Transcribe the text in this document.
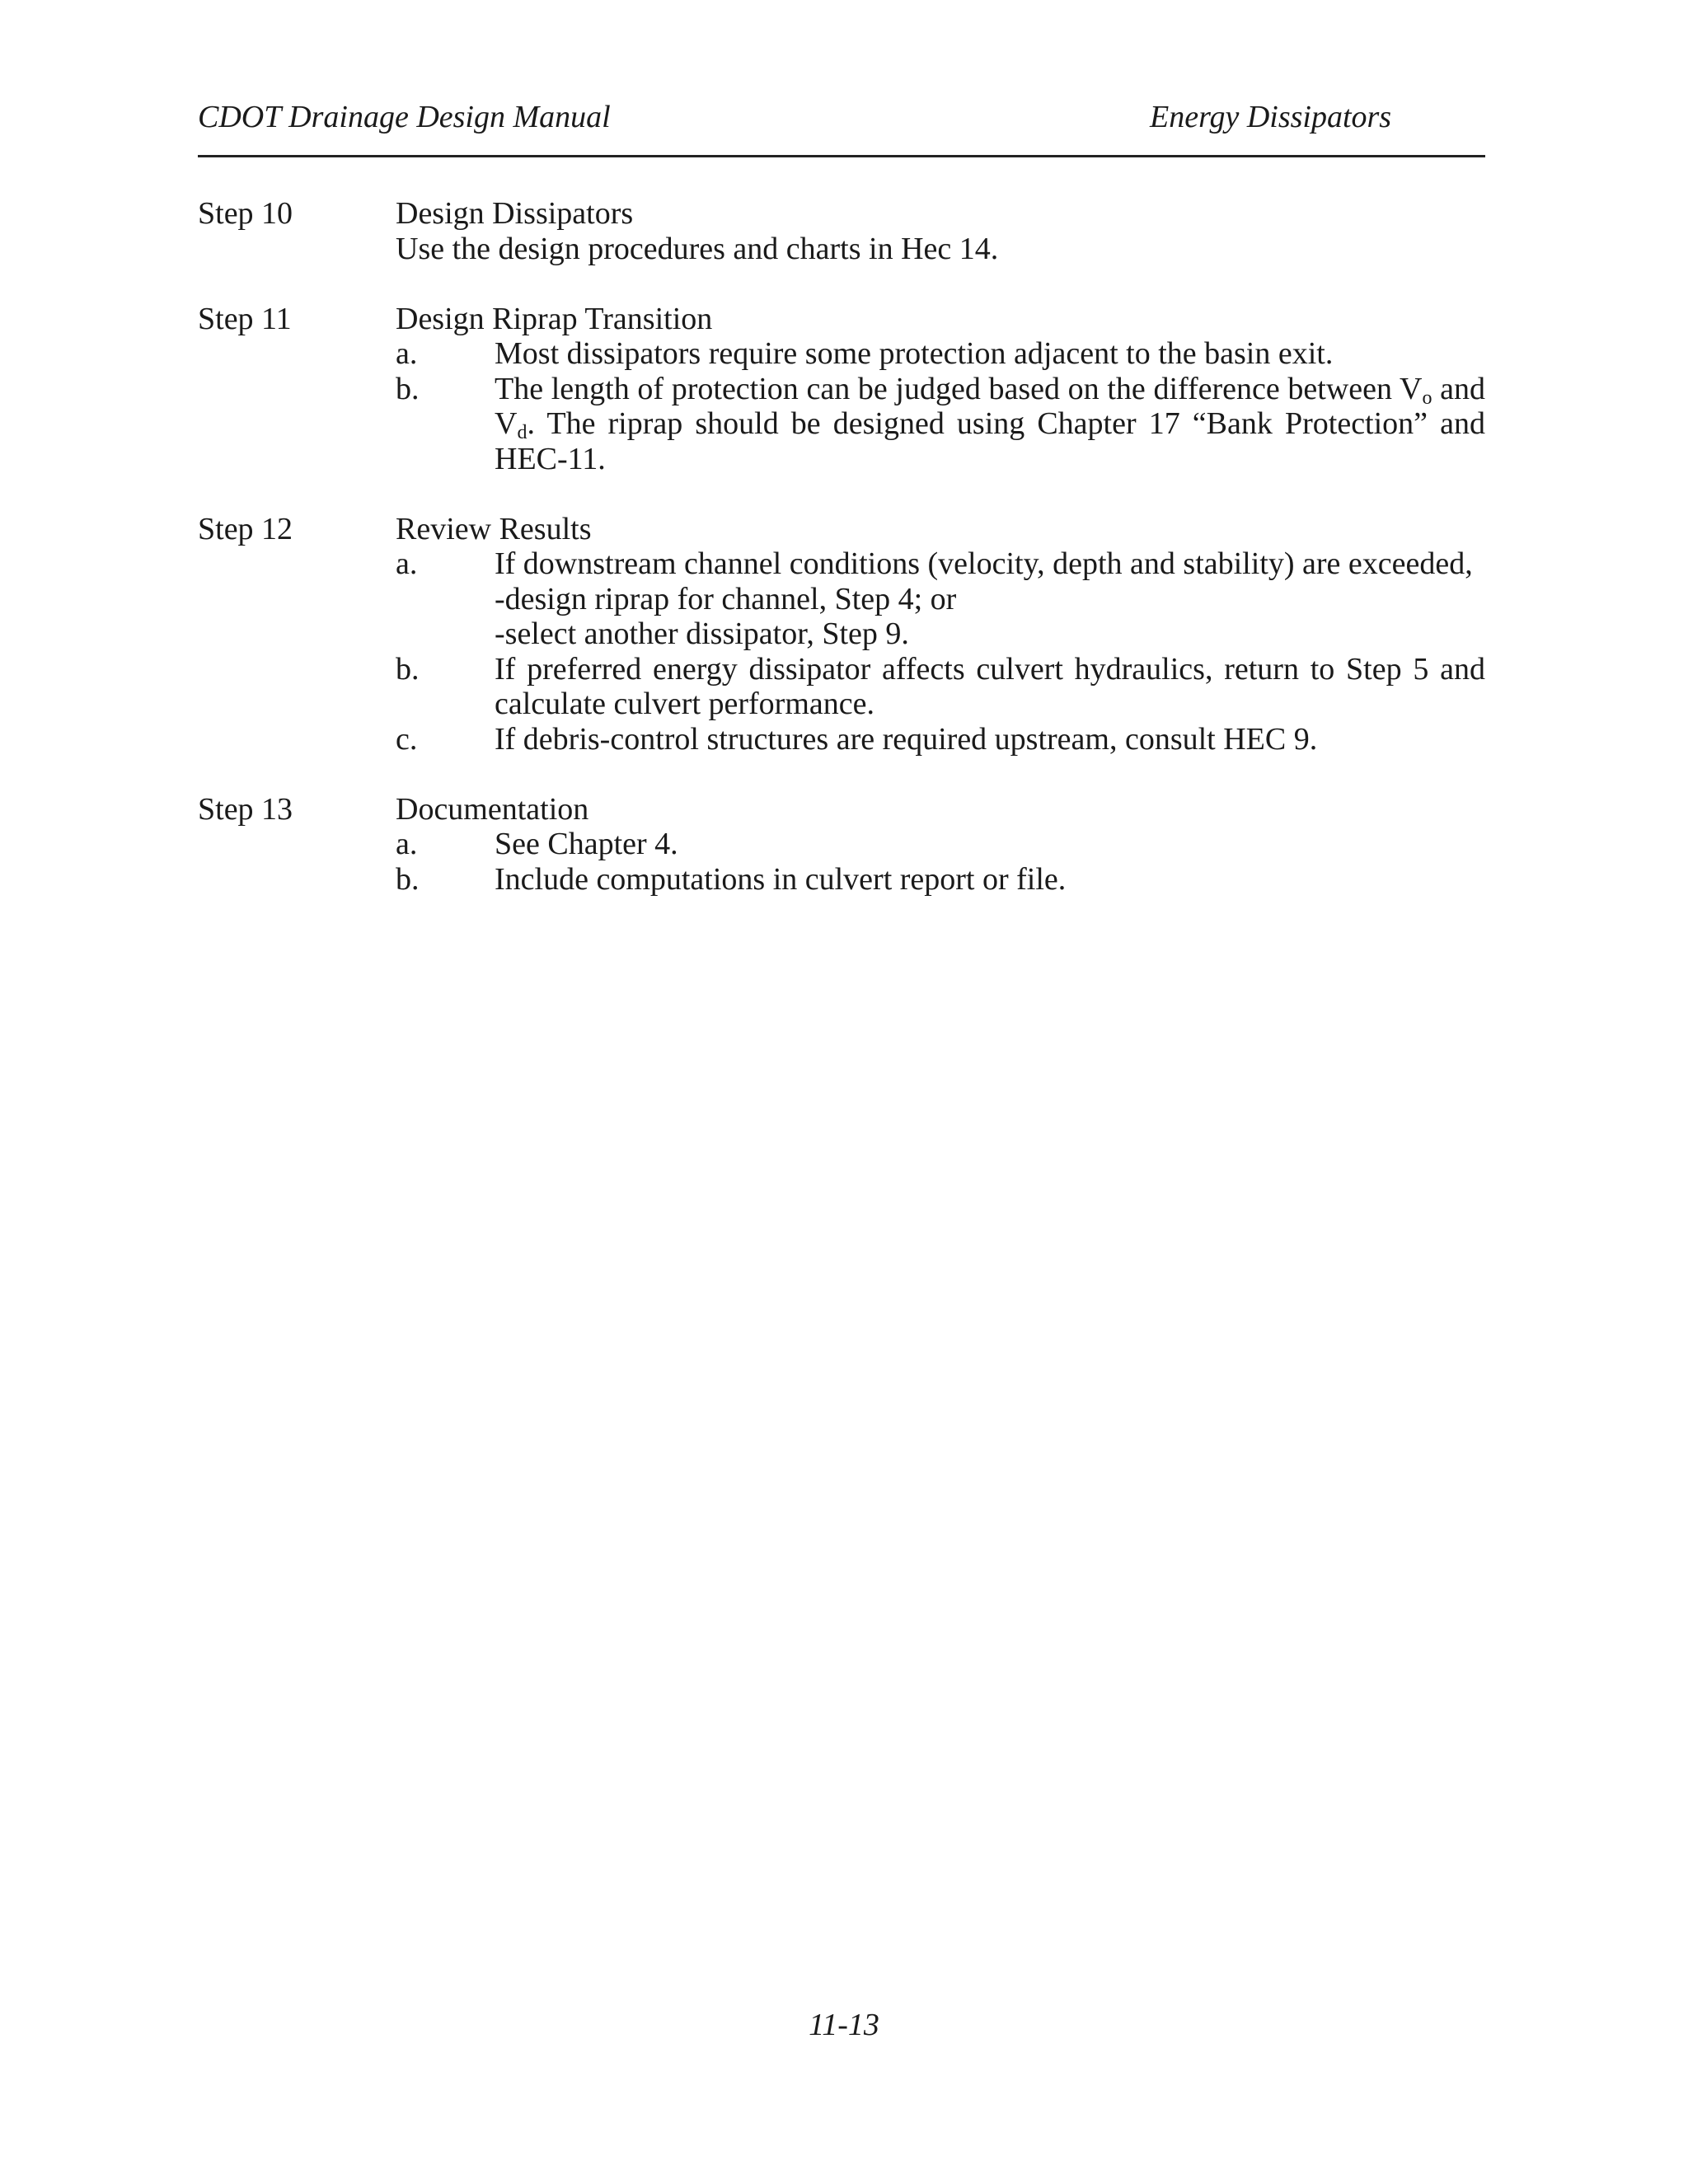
CDOT Drainage Design Manual	Energy Dissipators
Step 10	Design Dissipators
Use the design procedures and charts in Hec 14.
Step 11	Design Riprap Transition
a.	Most dissipators require some protection adjacent to the basin exit.
b.	The length of protection can be judged based on the difference between $V_o$ and $V_d$. The riprap should be designed using Chapter 17 “Bank Protection” and HEC-11.
Step 12	Review Results
a.	If downstream channel conditions (velocity, depth and stability) are exceeded,
-design riprap for channel, Step 4; or
-select another dissipator, Step 9.
b.	If preferred energy dissipator affects culvert hydraulics, return to Step 5 and calculate culvert performance.
c.	If debris-control structures are required upstream, consult HEC 9.
Step 13	Documentation
a.	See Chapter 4.
b.	Include computations in culvert report or file.
11-13
